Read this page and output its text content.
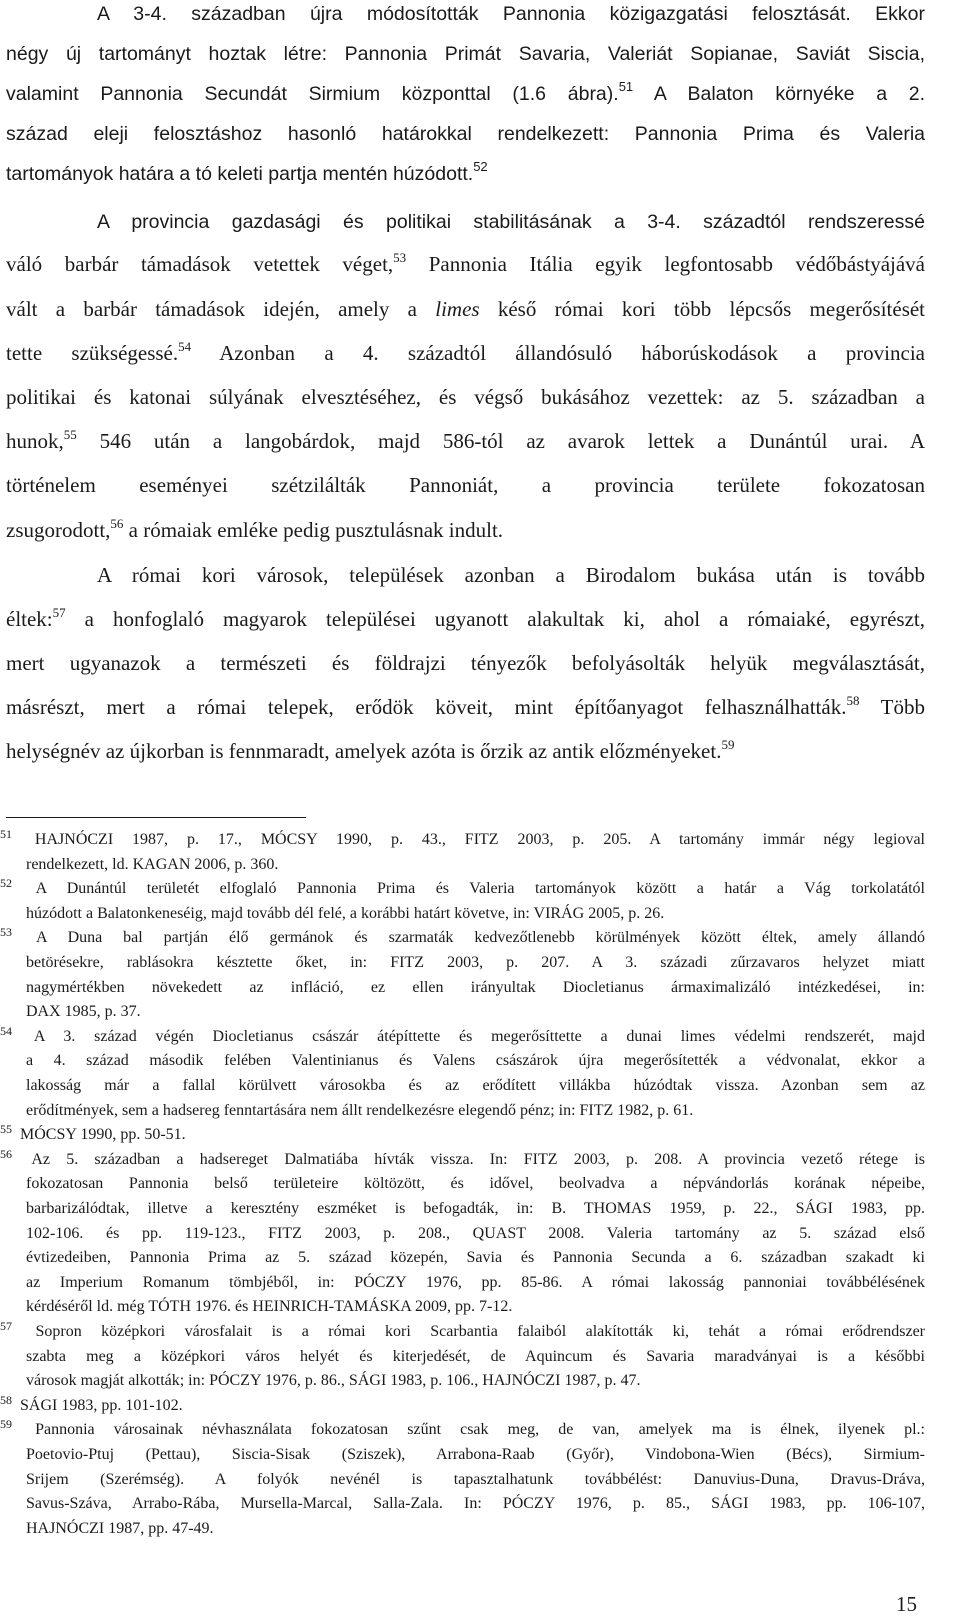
A 3-4. században újra módosították Pannonia közigazgatási felosztását. Ekkor
négy új tartományt hoztak létre: Pannonia Primát Savaria, Valeriát Sopianae, Saviát Siscia,
valamint Pannonia Secundát Sirmium központtal (1.6 ábra).$^{51}$ A Balaton környéke a 2.
század eleji felosztáshoz hasonló határokkal rendelkezett: Pannonia Prima és Valeria
tartományok határa a tó keleti partja mentén húzódott.$^{52}$
A provincia gazdasági és politikai stabilitásának a 3-4. századtól rendszeressé
váló barbár támadások vetettek véget,$^{53}$ Pannonia Itália egyik legfontosabb védőbástyájává
vált a barbár támadások idején, amely a limes késő római kori több lépcsős megerősítését
tette szükségessé.$^{54}$ Azonban a 4. századtól állandósuló háborúskodások a provincia
politikai és katonai súlyának elvesztéséhez, és végső bukásához vezettek: az 5. században a
hunok,$^{55}$ 546 után a langobárdok, majd 586-tól az avarok lettek a Dunántúl urai. A
történelem eseményei szétzilálták Pannoniát, a provincia területe fokozatosan
zsugorodott,$^{56}$ a rómaiak emléke pedig pusztulásnak indult.
A római kori városok, települések azonban a Birodalom bukása után is tovább
éltek:$^{57}$ a honfoglaló magyarok települései ugyanott alakultak ki, ahol a rómaiaké, egyrészt,
mert ugyanazok a természeti és földrajzi tényezők befolyásolták helyük megválasztását,
másrészt, mert a római telepek, erődök köveit, mint építőanyagot felhasználhatták.$^{58}$ Több
helységnév az újkorban is fennmaradt, amelyek azóta is őrzik az antik előzményeket.$^{59}$
$^{51}$ HAJNÓCZI 1987, p. 17., MÓCSY 1990, p. 43., FITZ 2003, p. 205. A tartomány immár négy legioval
rendelkezett, ld. KAGAN 2006, p. 360.
$^{52}$ A Dunántúl területét elfoglaló Pannonia Prima és Valeria tartományok között a határ a Vág torkolatától
húzódott a Balatonkeneséig, majd tovább dél felé, a korábbi határt követve, in: VIRÁG 2005, p. 26.
$^{53}$ A Duna bal partján élő germánok és szarmaták kedvezőtlenebb körülmények között éltek, amely állandó
betörésekre, rablásokra késztette őket, in: FITZ 2003, p. 207. A 3. századi zűrzavaros helyzet miatt
nagymértékben növekedett az infláció, ez ellen irányultak Diocletianus ármaximalizáló intézkedései, in:
DAX 1985, p. 37.
$^{54}$ A 3. század végén Diocletianus császár átépíttette és megerősíttette a dunai limes védelmi rendszerét, majd
a 4. század második felében Valentinianus és Valens császárok újra megerősítették a védvonalat, ekkor a
lakosság már a fallal körülvett városokba és az erődített villákba húzódtak vissza. Azonban sem az
erődítmények, sem a hadsereg fenntartására nem állt rendelkezésre elegendő pénz; in: FITZ 1982, p. 61.
$^{55}$ MÓCSY 1990, pp. 50-51.
$^{56}$ Az 5. században a hadsereget Dalmatiába hívták vissza. In: FITZ 2003, p. 208. A provincia vezető rétege is
fokozatosan Pannonia belső területeire költözött, és idővel, beolvadva a népvándorlás korának népeibe,
barbarizálódtak, illetve a keresztény eszméket is befogadták, in: B. THOMAS 1959, p. 22., SÁGI 1983, pp.
102-106. és pp. 119-123., FITZ 2003, p. 208., QUAST 2008. Valeria tartomány az 5. század első
évtizedeiben, Pannonia Prima az 5. század közepén, Savia és Pannonia Secunda a 6. században szakadt ki
az Imperium Romanum tömbjéből, in: PÓCZY 1976, pp. 85-86. A római lakosság pannoniai továbbélésének
kérdéséről ld. még TÓTH 1976. és HEINRICH-TAMÁSKA 2009, pp. 7-12.
$^{57}$ Sopron középkori városfalait is a római kori Scarbantia falaiból alakították ki, tehát a római erődrendszer
szabta meg a középkori város helyét és kiterjedését, de Aquincum és Savaria maradványai is a későbbi
városok magját alkották; in: PÓCZY 1976, p. 86., SÁGI 1983, p. 106., HAJNÓCZI 1987, p. 47.
$^{58}$ SÁGI 1983, pp. 101-102.
$^{59}$ Pannonia városainak névhasználata fokozatosan szűnt csak meg, de van, amelyek ma is élnek, ilyenek pl.:
Poetovio-Ptuj (Pettau), Siscia-Sisak (Sziszek), Arrabona-Raab (Győr), Vindobona-Wien (Bécs), Sirmium-
Srijem (Szerémség). A folyók nevénél is tapasztalhatunk továbbélést: Danuvius-Duna, Dravus-Dráva,
Savus-Száva, Arrabo-Rába, Mursella-Marcal, Salla-Zala. In: PÓCZY 1976, p. 85., SÁGI 1983, pp. 106-107,
HAJNÓCZI 1987, pp. 47-49.
15
